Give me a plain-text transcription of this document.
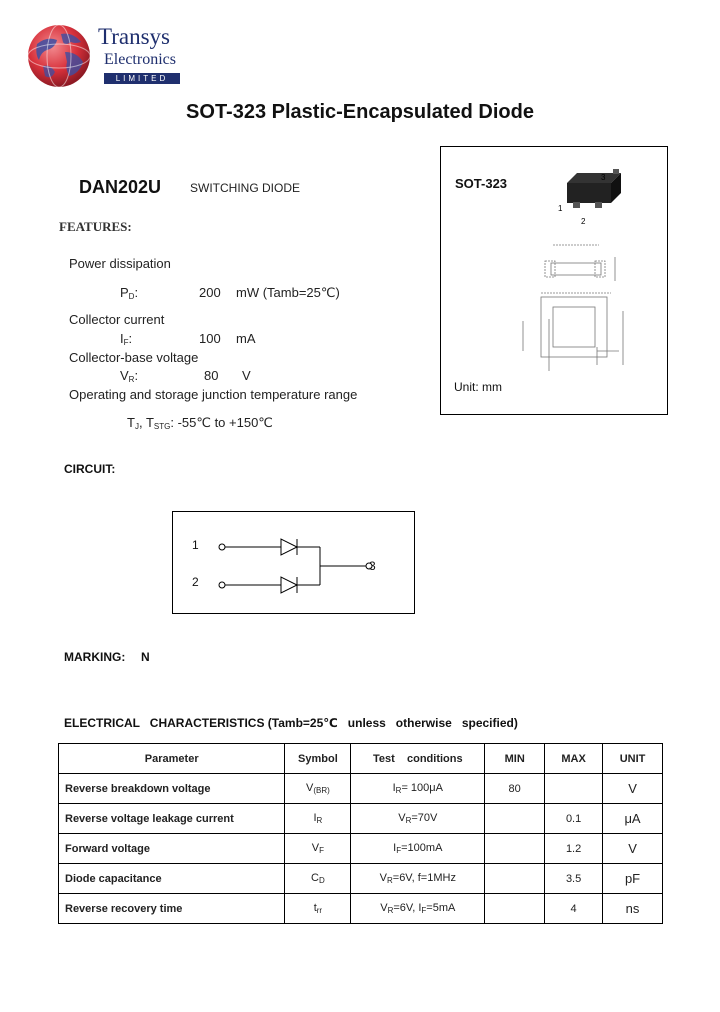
Transys
Electronics
LIMITED
SOT-323 Plastic-Encapsulated Diode
DAN202U SWITCHING DIODE
FEATURES:
Power dissipation
$P_D$:	200 mW (Tamb=25℃)
Collector current
$I_F$:	100 mA
Collector-base voltage
$V_R$:	80 V
Operating and storage junction temperature range
$T_J$, $T_{STG}$: -55℃ to +150℃
SOT-323
1
2
3
Unit: mm
CIRCUIT:
1
2
3
MARKING: N
ELECTRICAL   CHARACTERISTICS (Tamb=25℃   unless   otherwise   specified)
Parameter	Symbol	Test    conditions	MIN	MAX	UNIT
Reverse breakdown voltage	$V_{(BR)}$	$I_R= 100\mu A$	80		V
Reverse voltage leakage current	$I_R$	$V_R=70V$		0.1	μA
Forward voltage	$V_F$	$I_F=100mA$		1.2	V
Diode capacitance	$C_D$	$V_R=6V$, f=1MHz		3.5	pF
Reverse recovery time	$t_{rr}$	$V_R=6V$, $I_F=5mA$		4	ns
